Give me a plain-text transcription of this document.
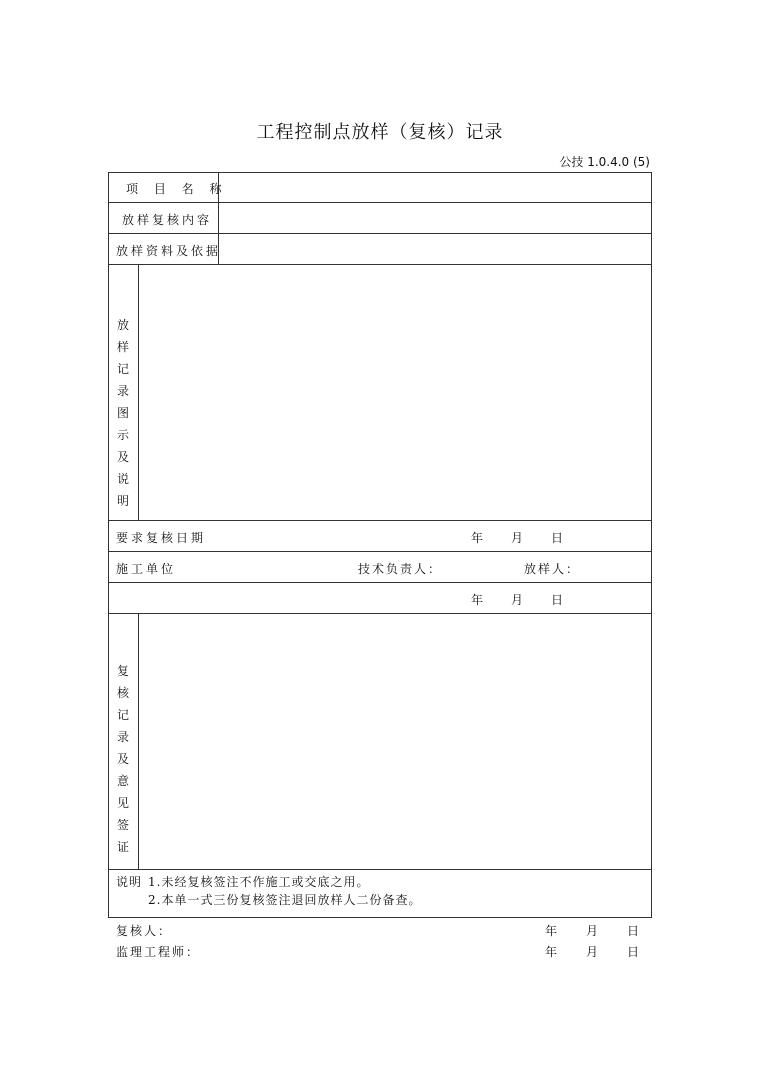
工程控制点放样（复核）记录
公技 1.0.4.0 (5)
项 目 名 称
放样复核内容
放样资料及依据
放样记录图示及说明
要求复核日期	年 月 日
施工单位	技术负责人：	放样人：
年 月 日
复核记录及意见签证
说明 1.未经复核签注不作施工或交底之用。
2.本单一式三份复核签注退回放样人二份备查。
复核人：	年 月 日
监理工程师：	年 月 日
